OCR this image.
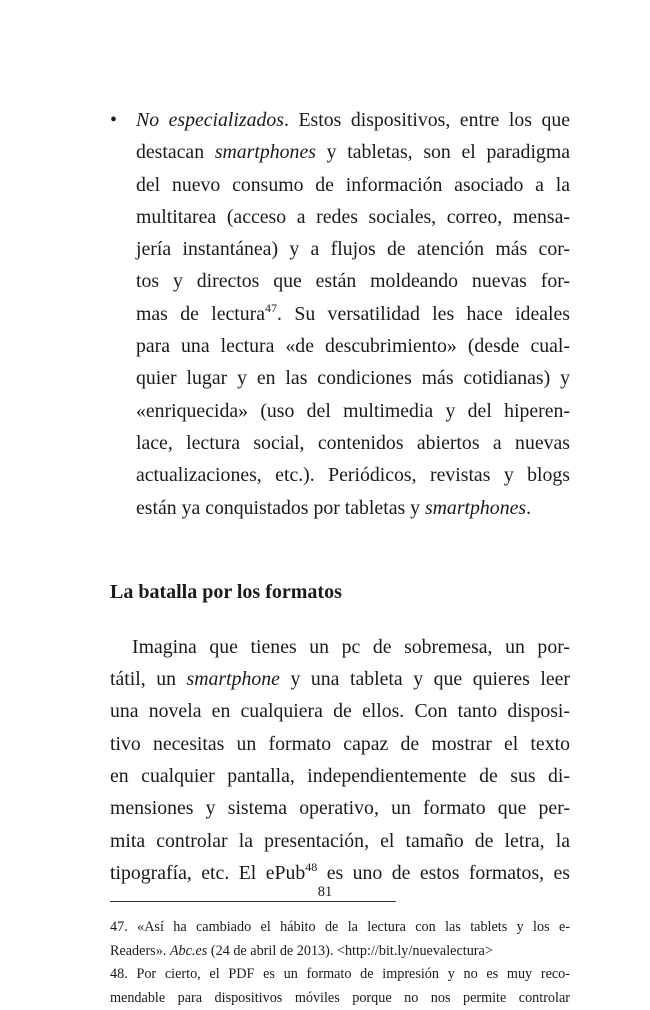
• No especializados. Estos dispositivos, entre los que
destacan smartphones y tabletas, son el paradigma
del nuevo consumo de información asociado a la
multitarea (acceso a redes sociales, correo, mensa-
jería instantánea) y a flujos de atención más cor-
tos y directos que están moldeando nuevas for-
mas de lectura$^{47}$. Su versatilidad les hace ideales
para una lectura «de descubrimiento» (desde cual-
quier lugar y en las condiciones más cotidianas) y
«enriquecida» (uso del multimedia y del hiperen-
lace, lectura social, contenidos abiertos a nuevas
actualizaciones, etc.). Periódicos, revistas y blogs
están ya conquistados por tabletas y smartphones.
La batalla por los formatos
Imagina que tienes un pc de sobremesa, un por-
tátil, un smartphone y una tableta y que quieres leer
una novela en cualquiera de ellos. Con tanto disposi-
tivo necesitas un formato capaz de mostrar el texto
en cualquier pantalla, independientemente de sus di-
mensiones y sistema operativo, un formato que per-
mita controlar la presentación, el tamaño de letra, la
tipografía, etc. El ePub$^{48}$ es uno de estos formatos, es
47. «Así ha cambiado el hábito de la lectura con las tablets y los e-
Readers». Abc.es (24 de abril de 2013). <http://bit.ly/nuevalectura>
48. Por cierto, el PDF es un formato de impresión y no es muy reco-
mendable para dispositivos móviles porque no nos permite controlar
81
